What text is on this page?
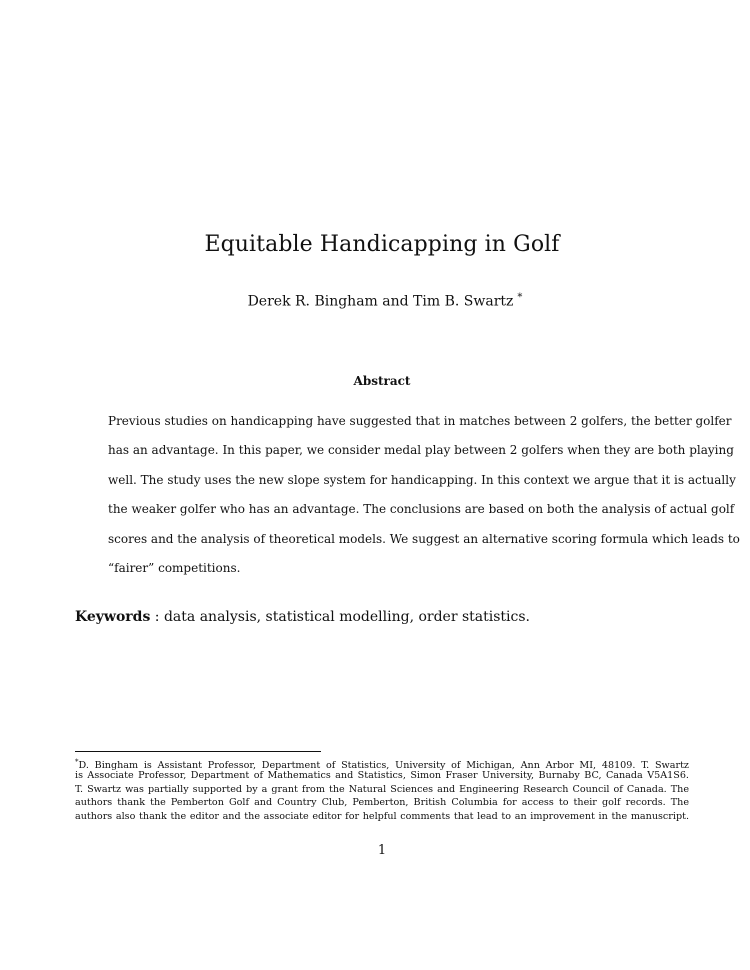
Equitable Handicapping in Golf
Derek R. Bingham and Tim B. Swartz *
Abstract
Previous studies on handicapping have suggested that in matches between 2 golfers, the better golfer
has an advantage. In this paper, we consider medal play between 2 golfers when they are both playing
well. The study uses the new slope system for handicapping. In this context we argue that it is actually
the weaker golfer who has an advantage. The conclusions are based on both the analysis of actual golf
scores and the analysis of theoretical models. We suggest an alternative scoring formula which leads to
“fairer” competitions.
Keywords : data analysis, statistical modelling, order statistics.
*D. Bingham is Assistant Professor, Department of Statistics, University of Michigan, Ann Arbor MI, 48109. T. Swartz
is Associate Professor, Department of Mathematics and Statistics, Simon Fraser University, Burnaby BC, Canada V5A1S6.
T. Swartz was partially supported by a grant from the Natural Sciences and Engineering Research Council of Canada. The
authors thank the Pemberton Golf and Country Club, Pemberton, British Columbia for access to their golf records. The
authors also thank the editor and the associate editor for helpful comments that lead to an improvement in the manuscript.
1
